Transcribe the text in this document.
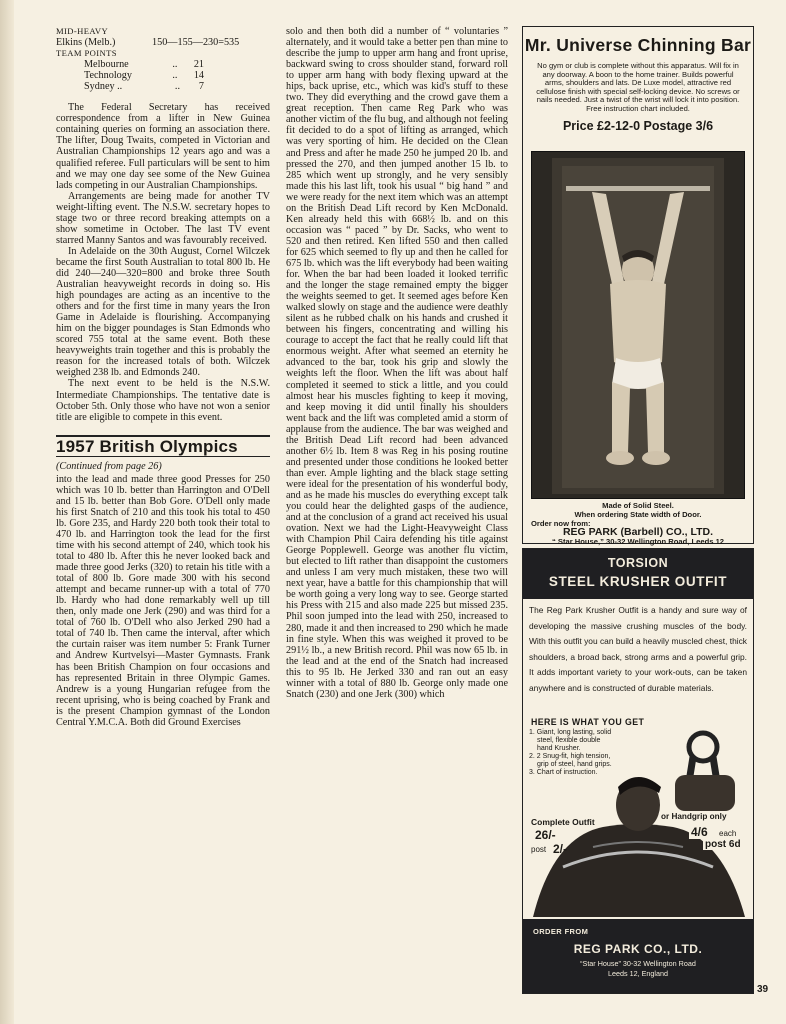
MID-HEAVY
Elkins (Melb.)	150—155—230=535
TEAM POINTS
Melbourne	.. 21
Technology	.. 14
Sydney ..	.. 7

The Federal Secretary has received correspondence from a lifter in New Guinea containing queries on forming an association there. The lifter, Doug Twaits, competed in Victorian and Australian Championships 12 years ago and was a qualified referee. Full particulars will be sent to him and we may one day see some of the New Guinea lads competing in our Australian Championships.

Arrangements are being made for another TV weight-lifting event. The N.S.W. secretary hopes to stage two or three record breaking attempts on a show sometime in October. The last TV event starred Manny Santos and was favourably received.

In Adelaide on the 30th August, Cornel Wilczek became the first South Australian to total 800 lb. He did 240—240—320=800 and broke three South Australian heavyweight records in doing so. His high poundages are acting as an incentive to the others and for the first time in many years the Iron Game in Adelaide is flourishing. Accompanying him on the bigger poundages is Stan Edmonds who scored 755 total at the same event. Both these heavyweights train together and this is probably the reason for the increased totals of both. Wilczek weighed 238 lb. and Edmonds 240.

The next event to be held is the N.S.W. Intermediate Championships. The tentative date is October 5th. Only those who have not won a senior title are eligible to compete in this event.

1957 British Olympics
(Continued from page 26)

into the lead and made three good Presses for 250 which was 10 lb. better than Harrington and O'Dell and 15 lb. better than Bob Gore. O'Dell only made his first Snatch of 210 and this took his total to 450 lb. Gore 235, and Hardy 220 both took their total to 470 lb. and Harrington took the lead for the first time with his second attempt of 240, which took his total to 480 lb. After this he never looked back and made three good Jerks (320) to retain his title with a total of 800 lb. Gore made 300 with his second attempt and became runner-up with a total of 770 lb. Hardy who had done remarkably well up till then, only made one Jerk (290) and was third for a total of 760 lb. O'Dell who also Jerked 290 had a total of 740 lb. Then came the interval, after which the curtain raiser was item number 5: Frank Turner and Andrew Kurtvelsyi—Master Gymnasts. Frank has been British Champion on four occasions and has represented Britain in three Olympic Games. Andrew is a young Hungarian refugee from the recent uprising, who is being coached by Frank and is the present Champion gymnast of the London Central Y.M.C.A. Both did Ground Exercises

solo and then both did a number of “ voluntaries ” alternately, and it would take a better pen than mine to describe the jump to upper arm hang and front uprise, backward swing to cross shoulder stand, forward roll to upper arm hang with body flexing upward at the hips, back uprise, etc., which was kid's stuff to these two. They did everything and the crowd gave them a great reception. Then came Reg Park who was another victim of the flu bug, and although not feeling fit decided to do a spot of lifting as arranged, which was very sporting of him. He decided on the Clean and Press and after he made 250 he jumped 20 lb. and pressed the 270, and then jumped another 15 lb. to 285 which went up strongly, and he very sensibly made this his last lift, took his usual “ big hand ” and we were ready for the next item which was an attempt on the British Dead Lift record by Ken McDonald. Ken already held this with 668½ lb. and on this occasion was “ paced ” by Dr. Sacks, who went to 520 and then retired. Ken lifted 550 and then called for 625 which seemed to fly up and then he called for 675 lb. which was the lift everybody had been waiting for. When the bar had been loaded it looked terrific and the longer the stage remained empty the bigger the weights seemed to get. It seemed ages before Ken walked slowly on stage and the audience were deathly silent as he rubbed chalk on his hands and crushed it between his fingers, concentrating and willing his courage to accept the fact that he really could lift that enormous weight. After what seemed an eternity he advanced to the bar, took his grip and slowly the weights left the floor. When the lift was about half completed it seemed to stick a little, and you could almost hear his muscles fighting to keep it moving, and keep moving it did until finally his shoulders went back and the lift was completed amid a storm of applause from the audience. The bar was weighed and the British Dead Lift record had been advanced another 6½ lb. Item 8 was Reg in his posing routine and presented under those conditions he looked better than ever. Ample lighting and the black stage setting were ideal for the presentation of his wonderful body, and as he made his muscles do everything except talk you could hear the delighted gasps of the audience, and at the conclusion of a grand act received his usual ovation. Next we had the Light-Heavyweight Class with Champion Phil Caira defending his title against George Popplewell. George was another flu victim, but elected to lift rather than disappoint the customers and unless I am very much mistaken, these two will next year, have a battle for this championship that will be worth going a very long way to see. George started his Press with 215 and also made 225 but missed 235. Phil soon jumped into the lead with 250, increased to 280, made it and then increased to 290 which he made in fine style. When this was weighed it proved to be 291½ lb., a new British record. Phil was now 65 lb. in the lead and at the end of the Snatch had increased this to 95 lb. He Jerked 330 and ran out an easy winner with a total of 880 lb. George only made one Snatch (230) and one Jerk (300) which

Mr. Universe Chinning Bar
No gym or club is complete without this apparatus. Will fix in any doorway. A boon to the home trainer. Builds powerful arms, shoulders and lats. De Luxe model, attractive red cellulose finish with special self-locking device. No screws or nails needed. Just a twist of the wrist will lock it into position. Free instruction chart included.
Price £2-12-0 Postage 3/6
Made of Solid Steel.
When ordering State width of Door.
Order now from:
REG PARK (Barbell) CO., LTD.
“ Star House,” 30-32 Wellington Road, Leeds 12
TORSION
STEEL KRUSHER OUTFIT
The Reg Park Krusher Outfit is a handy and sure way of developing the massive crushing muscles of the body. With this outfit you can build a heavily muscled chest, thick shoulders, a broad back, strong arms and a powerful grip. It adds important variety to your work-outs, can be taken anywhere and is constructed of durable materials.
HERE IS WHAT YOU GET
1. Giant, long lasting, solid steel, flexible double hand Krusher.
2. 2 Snug-fit, high tension, grip of steel, hand grips.
3. Chart of instruction.
Complete Outfit
26/-
post 2/-
or Handgrip only
4/6 each
post 6d
ORDER FROM
REG PARK CO., LTD.
“Star House” 30-32 Wellington Road
Leeds 12, England
39
